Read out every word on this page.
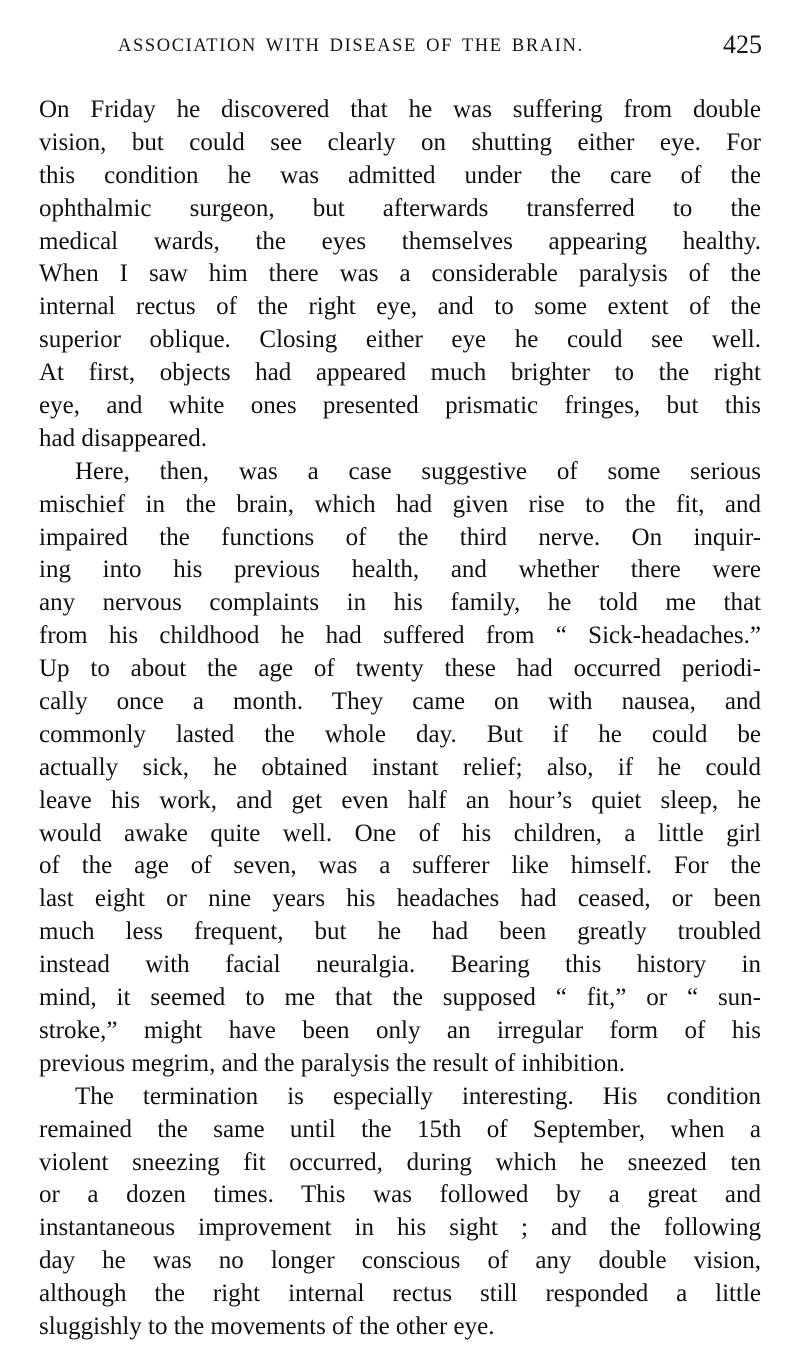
ASSOCIATION WITH DISEASE OF THE BRAIN.	425
On Friday he discovered that he was suffering from double
vision, but could see clearly on shutting either eye. For
this condition he was admitted under the care of the
ophthalmic surgeon, but afterwards transferred to the
medical wards, the eyes themselves appearing healthy.
When I saw him there was a considerable paralysis of the
internal rectus of the right eye, and to some extent of the
superior oblique. Closing either eye he could see well.
At first, objects had appeared much brighter to the right
eye, and white ones presented prismatic fringes, but this
had disappeared.
Here, then, was a case suggestive of some serious
mischief in the brain, which had given rise to the fit, and
impaired the functions of the third nerve. On inquir-
ing into his previous health, and whether there were
any nervous complaints in his family, he told me that
from his childhood he had suffered from “ Sick-headaches.”
Up to about the age of twenty these had occurred periodi-
cally once a month. They came on with nausea, and
commonly lasted the whole day. But if he could be
actually sick, he obtained instant relief; also, if he could
leave his work, and get even half an hour’s quiet sleep, he
would awake quite well. One of his children, a little girl
of the age of seven, was a sufferer like himself. For the
last eight or nine years his headaches had ceased, or been
much less frequent, but he had been greatly troubled
instead with facial neuralgia. Bearing this history in
mind, it seemed to me that the supposed “ fit,” or “ sun-
stroke,” might have been only an irregular form of his
previous megrim, and the paralysis the result of inhibition.
The termination is especially interesting. His condition
remained the same until the 15th of September, when a
violent sneezing fit occurred, during which he sneezed ten
or a dozen times. This was followed by a great and
instantaneous improvement in his sight ; and the following
day he was no longer conscious of any double vision,
although the right internal rectus still responded a little
sluggishly to the movements of the other eye.
